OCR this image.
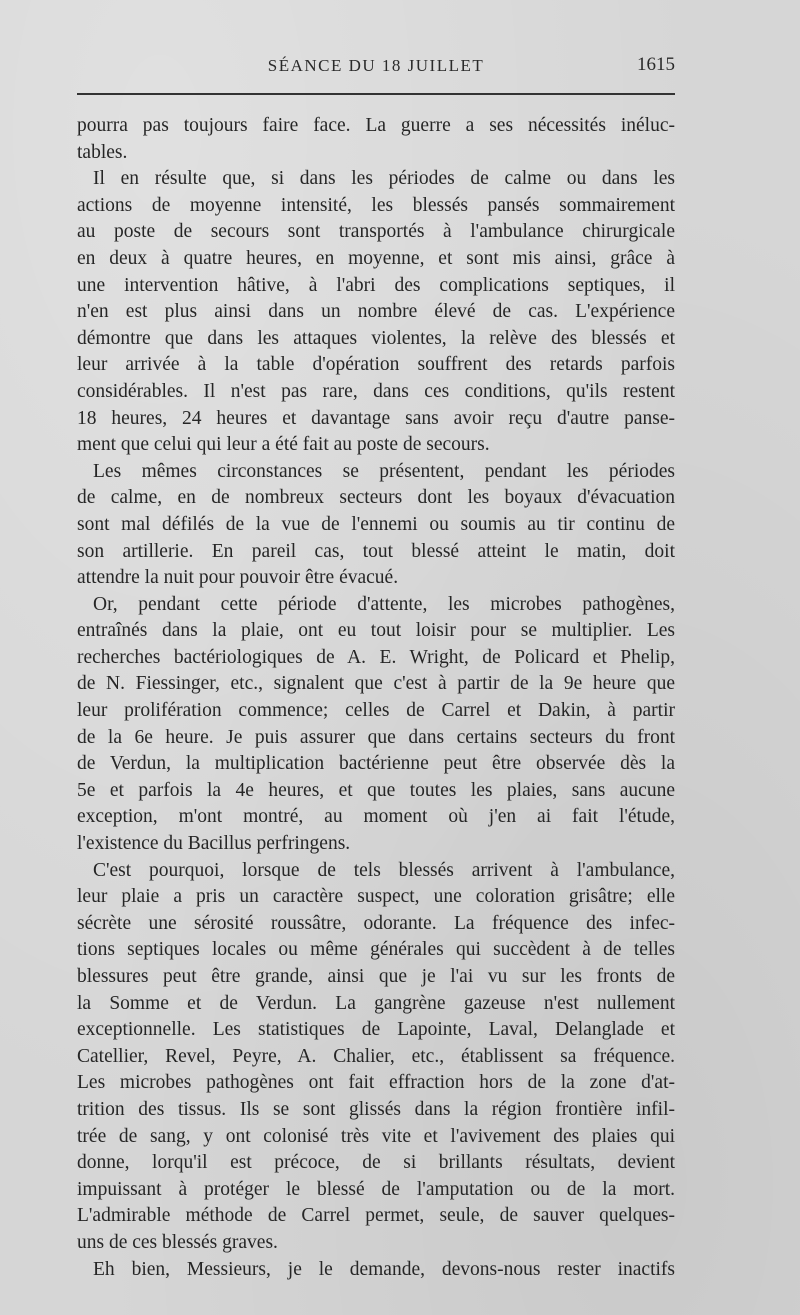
SÉANCE DU 18 JUILLET	1615
pourra pas toujours faire face. La guerre a ses nécessités inéluc-
tables.
Il en résulte que, si dans les périodes de calme ou dans les
actions de moyenne intensité, les blessés pansés sommairement
au poste de secours sont transportés à l'ambulance chirurgicale
en deux à quatre heures, en moyenne, et sont mis ainsi, grâce à
une intervention hâtive, à l'abri des complications septiques, il
n'en est plus ainsi dans un nombre élevé de cas. L'expérience
démontre que dans les attaques violentes, la relève des blessés et
leur arrivée à la table d'opération souffrent des retards parfois
considérables. Il n'est pas rare, dans ces conditions, qu'ils restent
18 heures, 24 heures et davantage sans avoir reçu d'autre panse-
ment que celui qui leur a été fait au poste de secours.
Les mêmes circonstances se présentent, pendant les périodes
de calme, en de nombreux secteurs dont les boyaux d'évacuation
sont mal défilés de la vue de l'ennemi ou soumis au tir continu de
son artillerie. En pareil cas, tout blessé atteint le matin, doit
attendre la nuit pour pouvoir être évacué.
Or, pendant cette période d'attente, les microbes pathogènes,
entraînés dans la plaie, ont eu tout loisir pour se multiplier. Les
recherches bactériologiques de A. E. Wright, de Policard et Phelip,
de N. Fiessinger, etc., signalent que c'est à partir de la 9e heure que
leur prolifération commence; celles de Carrel et Dakin, à partir
de la 6e heure. Je puis assurer que dans certains secteurs du front
de Verdun, la multiplication bactérienne peut être observée dès la
5e et parfois la 4e heures, et que toutes les plaies, sans aucune
exception, m'ont montré, au moment où j'en ai fait l'étude,
l'existence du Bacillus perfringens.
C'est pourquoi, lorsque de tels blessés arrivent à l'ambulance,
leur plaie a pris un caractère suspect, une coloration grisâtre; elle
sécrète une sérosité roussâtre, odorante. La fréquence des infec-
tions septiques locales ou même générales qui succèdent à de telles
blessures peut être grande, ainsi que je l'ai vu sur les fronts de
la Somme et de Verdun. La gangrène gazeuse n'est nullement
exceptionnelle. Les statistiques de Lapointe, Laval, Delanglade et
Catellier, Revel, Peyre, A. Chalier, etc., établissent sa fréquence.
Les microbes pathogènes ont fait effraction hors de la zone d'at-
trition des tissus. Ils se sont glissés dans la région frontière infil-
trée de sang, y ont colonisé très vite et l'avivement des plaies qui
donne, lorqu'il est précoce, de si brillants résultats, devient
impuissant à protéger le blessé de l'amputation ou de la mort.
L'admirable méthode de Carrel permet, seule, de sauver quelques-
uns de ces blessés graves.
Eh bien, Messieurs, je le demande, devons-nous rester inactifs
